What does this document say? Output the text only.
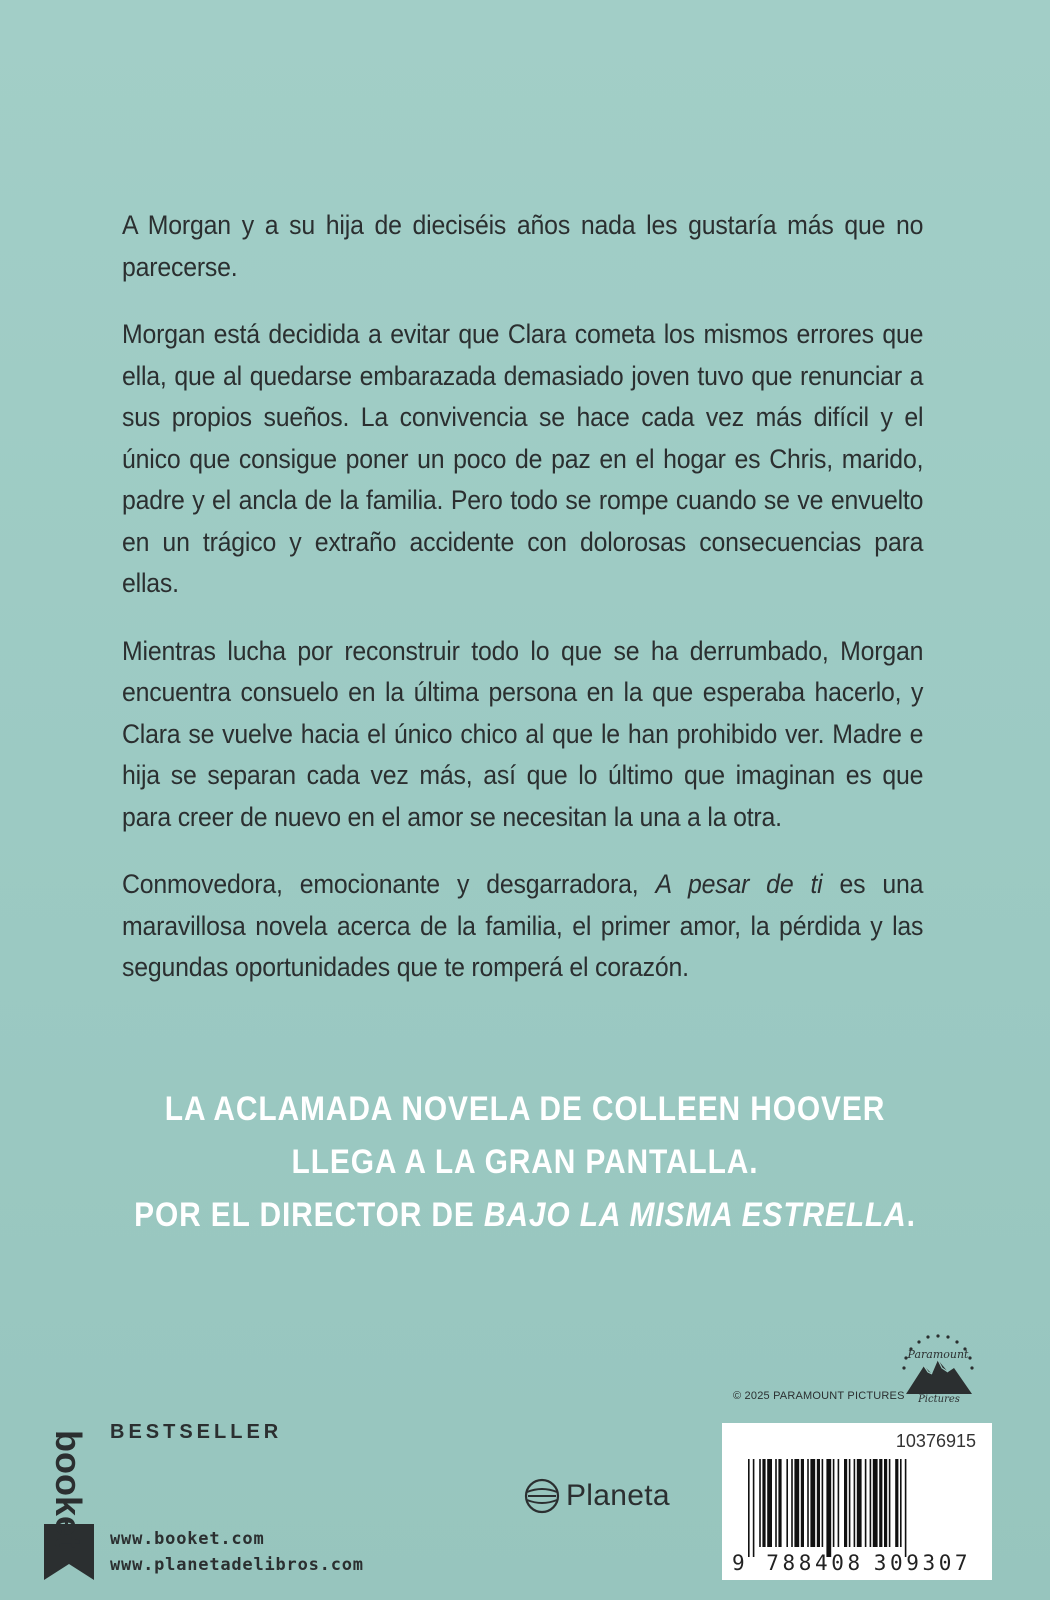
A Morgan y a su hija de dieciséis años nada les gustaría más que no parecerse.

Morgan está decidida a evitar que Clara cometa los mismos errores que ella, que al quedarse embarazada demasiado joven tuvo que renunciar a sus propios sueños. La convivencia se hace cada vez más difícil y el único que consigue poner un poco de paz en el hogar es Chris, marido, padre y el ancla de la familia. Pero todo se rompe cuando se ve envuelto en un trágico y extraño accidente con dolorosas consecuencias para ellas.

Mientras lucha por reconstruir todo lo que se ha derrumbado, Morgan encuentra consuelo en la última persona en la que esperaba hacerlo, y Clara se vuelve hacia el único chico al que le han prohibido ver. Madre e hija se separan cada vez más, así que lo último que imaginan es que para creer de nuevo en el amor se necesitan la una a la otra.

Conmovedora, emocionante y desgarradora, A pesar de ti es una maravillosa novela acerca de la familia, el primer amor, la pérdida y las segundas oportunidades que te romperá el corazón.

LA ACLAMADA NOVELA DE COLLEEN HOOVER
LLEGA A LA GRAN PANTALLA.
POR EL DIRECTOR DE BAJO LA MISMA ESTRELLA.
Paramount
Pictures
© 2025 PARAMOUNT PICTURES
BESTSELLER
booket www.booket.com
www.planetadelibros.com
Planeta
10376915
9 788408 309307
